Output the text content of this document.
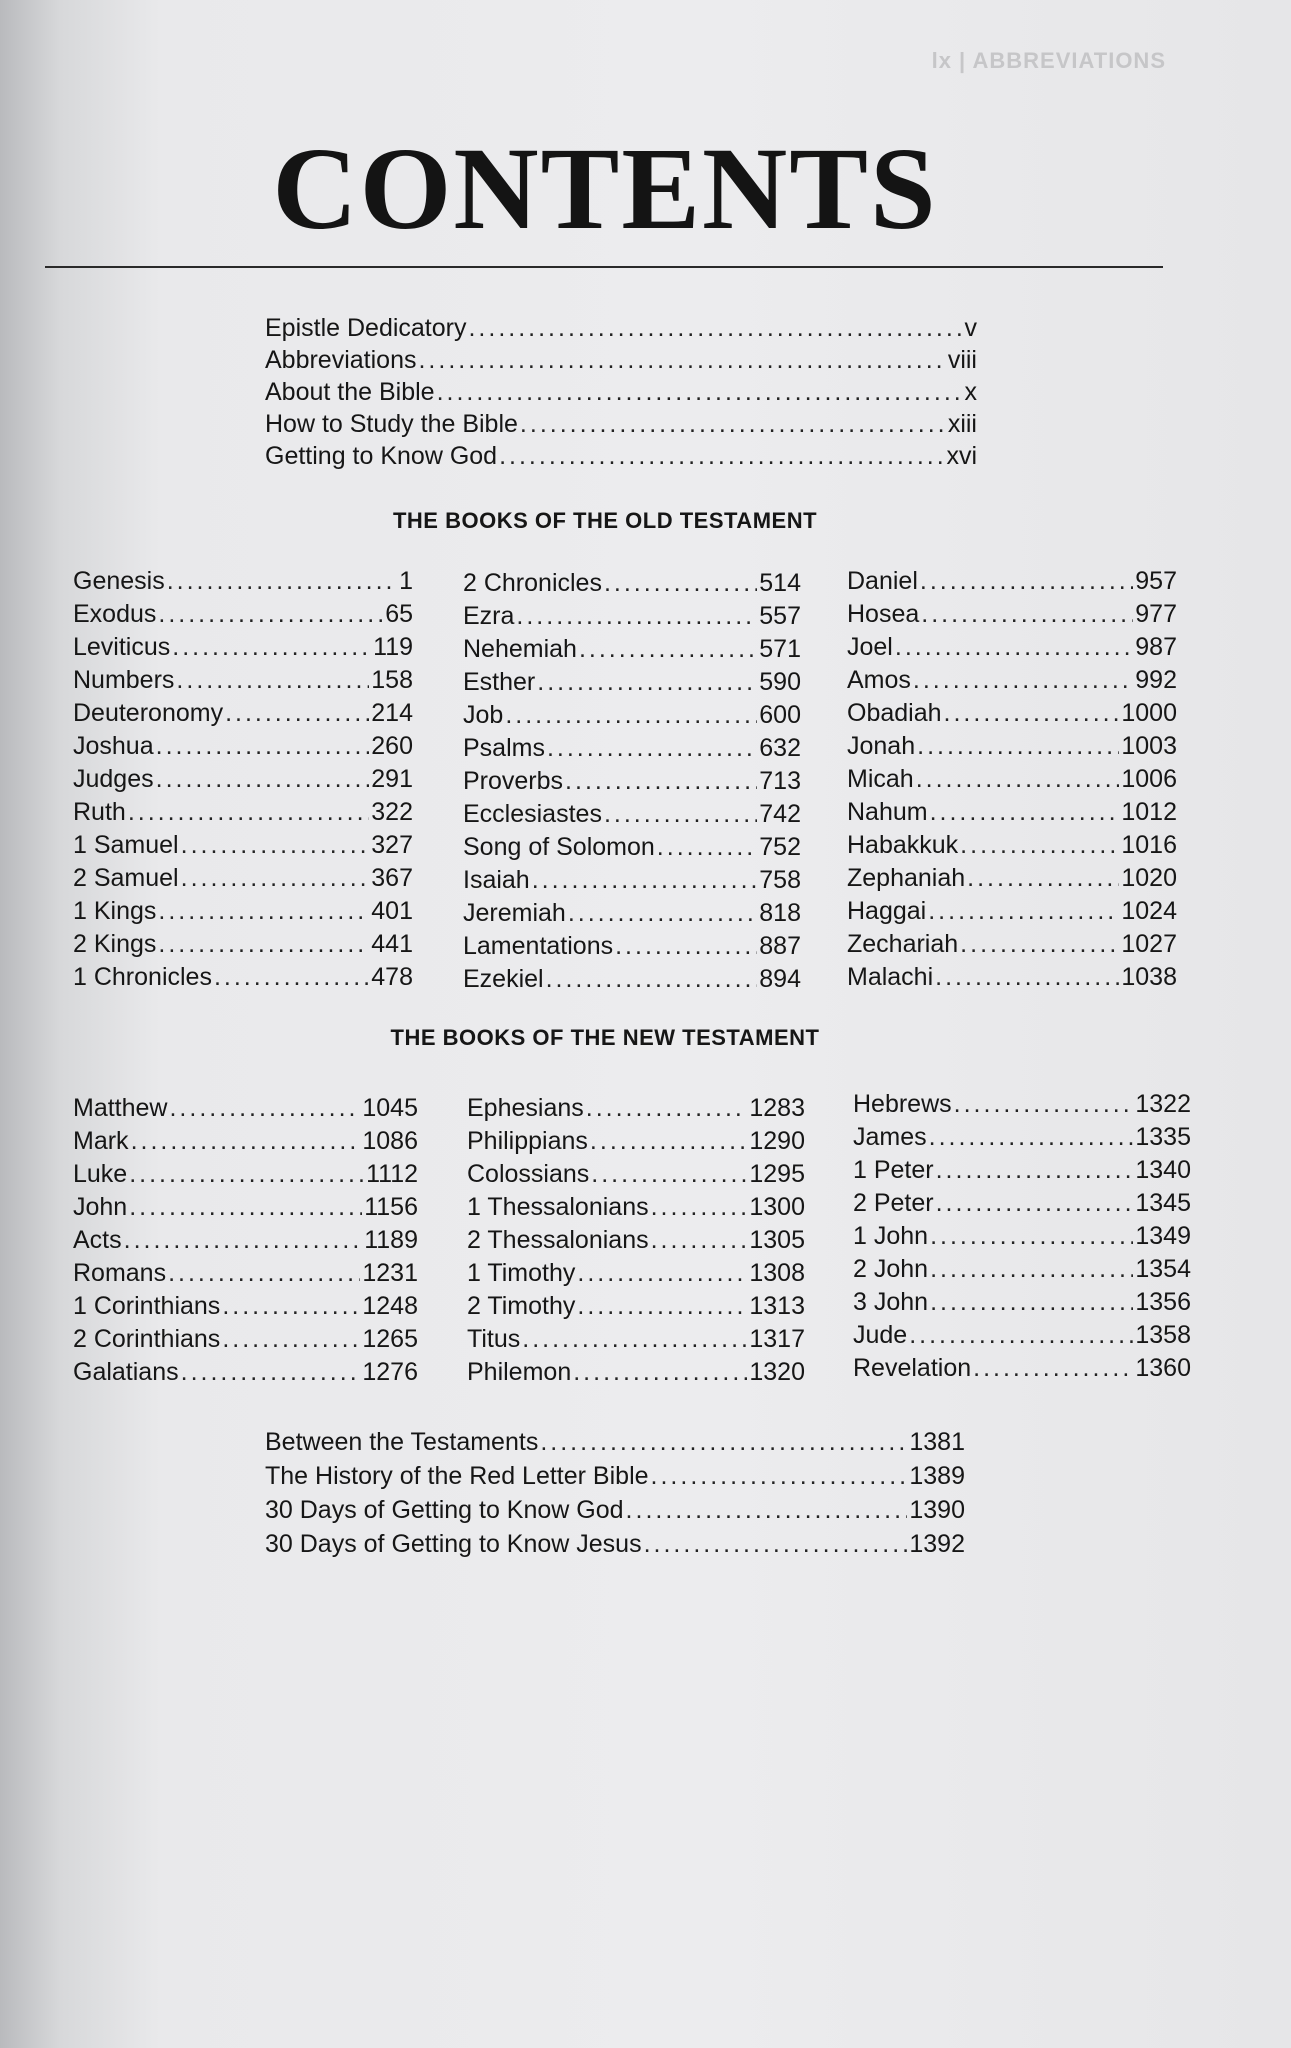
lx | ABBREVIATIONS
CONTENTS
Epistle Dedicatory .....	v
Abbreviations .....	viii
About the Bible .....	x
How to Study the Bible .....	xiii
Getting to Know God .....	xvi
THE BOOKS OF THE OLD TESTAMENT
Genesis .....	1
Exodus .....	65
Leviticus .....	119
Numbers .....	158
Deuteronomy .....	214
Joshua .....	260
Judges .....	291
Ruth .....	322
1 Samuel .....	327
2 Samuel .....	367
1 Kings .....	401
2 Kings .....	441
1 Chronicles .....	478
2 Chronicles .....	514
Ezra .....	557
Nehemiah .....	571
Esther .....	590
Job .....	600
Psalms .....	632
Proverbs .....	713
Ecclesiastes .....	742
Song of Solomon .....	752
Isaiah .....	758
Jeremiah .....	818
Lamentations .....	887
Ezekiel .....	894
Daniel .....	957
Hosea .....	977
Joel .....	987
Amos .....	992
Obadiah .....	1000
Jonah .....	1003
Micah .....	1006
Nahum .....	1012
Habakkuk .....	1016
Zephaniah .....	1020
Haggai .....	1024
Zechariah .....	1027
Malachi .....	1038
THE BOOKS OF THE NEW TESTAMENT
Matthew .....	1045
Mark .....	1086
Luke .....	1112
John .....	1156
Acts .....	1189
Romans .....	1231
1 Corinthians .....	1248
2 Corinthians .....	1265
Galatians .....	1276
Ephesians .....	1283
Philippians .....	1290
Colossians .....	1295
1 Thessalonians .....	1300
2 Thessalonians .....	1305
1 Timothy .....	1308
2 Timothy .....	1313
Titus .....	1317
Philemon .....	1320
Hebrews .....	1322
James .....	1335
1 Peter .....	1340
2 Peter .....	1345
1 John .....	1349
2 John .....	1354
3 John .....	1356
Jude .....	1358
Revelation .....	1360
Between the Testaments .....	1381
The History of the Red Letter Bible .....	1389
30 Days of Getting to Know God .....	1390
30 Days of Getting to Know Jesus .....	1392
